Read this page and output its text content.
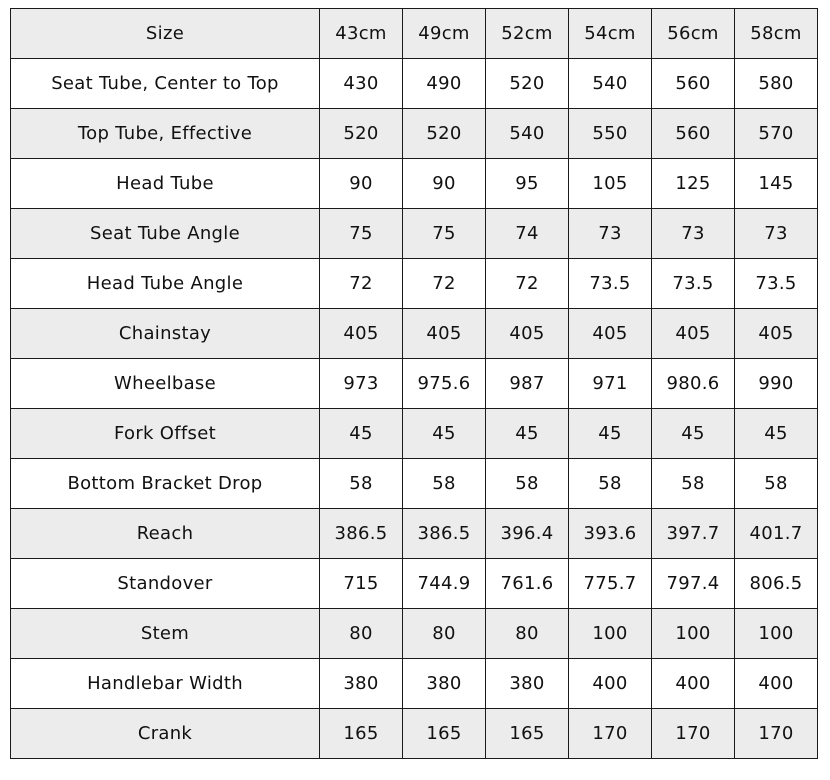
Size	43cm	49cm	52cm	54cm	56cm	58cm
Seat Tube, Center to Top	430	490	520	540	560	580
Top Tube, Effective	520	520	540	550	560	570
Head Tube	90	90	95	105	125	145
Seat Tube Angle	75	75	74	73	73	73
Head Tube Angle	72	72	72	73.5	73.5	73.5
Chainstay	405	405	405	405	405	405
Wheelbase	973	975.6	987	971	980.6	990
Fork Offset	45	45	45	45	45	45
Bottom Bracket Drop	58	58	58	58	58	58
Reach	386.5	386.5	396.4	393.6	397.7	401.7
Standover	715	744.9	761.6	775.7	797.4	806.5
Stem	80	80	80	100	100	100
Handlebar Width	380	380	380	400	400	400
Crank	165	165	165	170	170	170
